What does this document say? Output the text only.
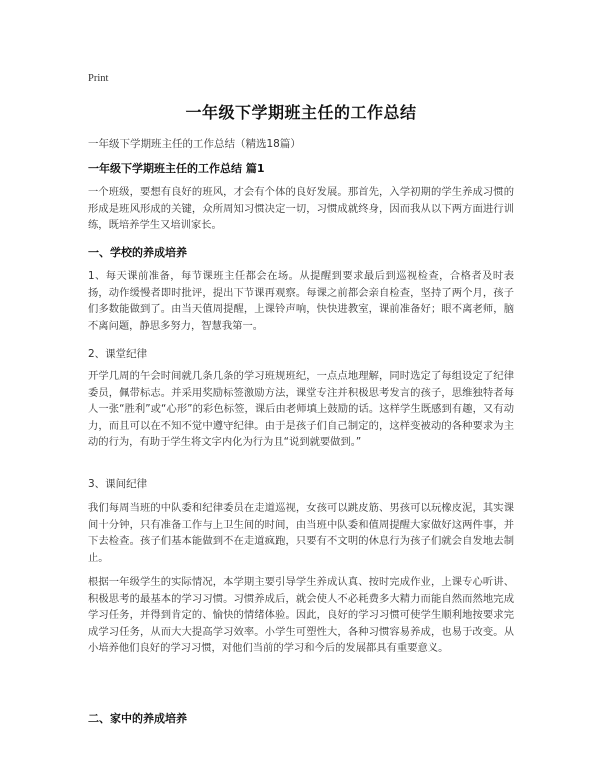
Print
一年级下学期班主任的工作总结
一年级下学期班主任的工作总结（精选18篇）
一年级下学期班主任的工作总结 篇1
一个班级，要想有良好的班风，才会有个体的良好发展。那首先，入学初期的学生养成习惯的形成是班风形成的关键，众所周知习惯决定一切，习惯成就终身，因而我从以下两方面进行训练，既培养学生又培训家长。
一、学校的养成培养
1、每天课前准备，每节课班主任都会在场。从提醒到要求最后到巡视检查，合格者及时表扬，动作缓慢者即时批评，提出下节课再观察。每课之前都会亲自检查，坚持了两个月，孩子们多数能做到了。由当天值周提醒，上课铃声响，快快进教室，课前准备好；眼不离老师，脑不离问题，静思多努力，智慧我第一。
2、课堂纪律
开学几周的午会时间就几条几条的学习班规班纪，一点点地理解，同时选定了每组设定了纪律委员，佩带标志。并采用奖励标签激励方法，课堂专注并积极思考发言的孩子，思维独特者每人一张“胜利”或“心形”的彩色标签，课后由老师填上鼓励的话。这样学生既感到有趣，又有动力，而且可以在不知不觉中遵守纪律。由于是孩子们自己制定的，这样变被动的各种要求为主动的行为，有助于学生将文字内化为行为且“说到就要做到。”
3、课间纪律
我们每周当班的中队委和纪律委员在走道巡视，女孩可以跳皮筋、男孩可以玩橡皮泥，其实课间十分钟，只有准备工作与上卫生间的时间，由当班中队委和值周提醒大家做好这两件事，并下去检查。孩子们基本能做到不在走道疯跑，只要有不文明的休息行为孩子们就会自发地去制止。
根据一年级学生的实际情况，本学期主要引导学生养成认真、按时完成作业，上课专心听讲、积极思考的最基本的学习习惯。习惯养成后，就会使人不必耗费多大精力而能自然而然地完成学习任务，并得到肯定的、愉快的情绪体验。因此，良好的学习习惯可使学生顺利地按要求完成学习任务，从而大大提高学习效率。小学生可塑性大，各种习惯容易养成，也易于改变。从小培养他们良好的学习习惯，对他们当前的学习和今后的发展都具有重要意义。
二、家中的养成培养
